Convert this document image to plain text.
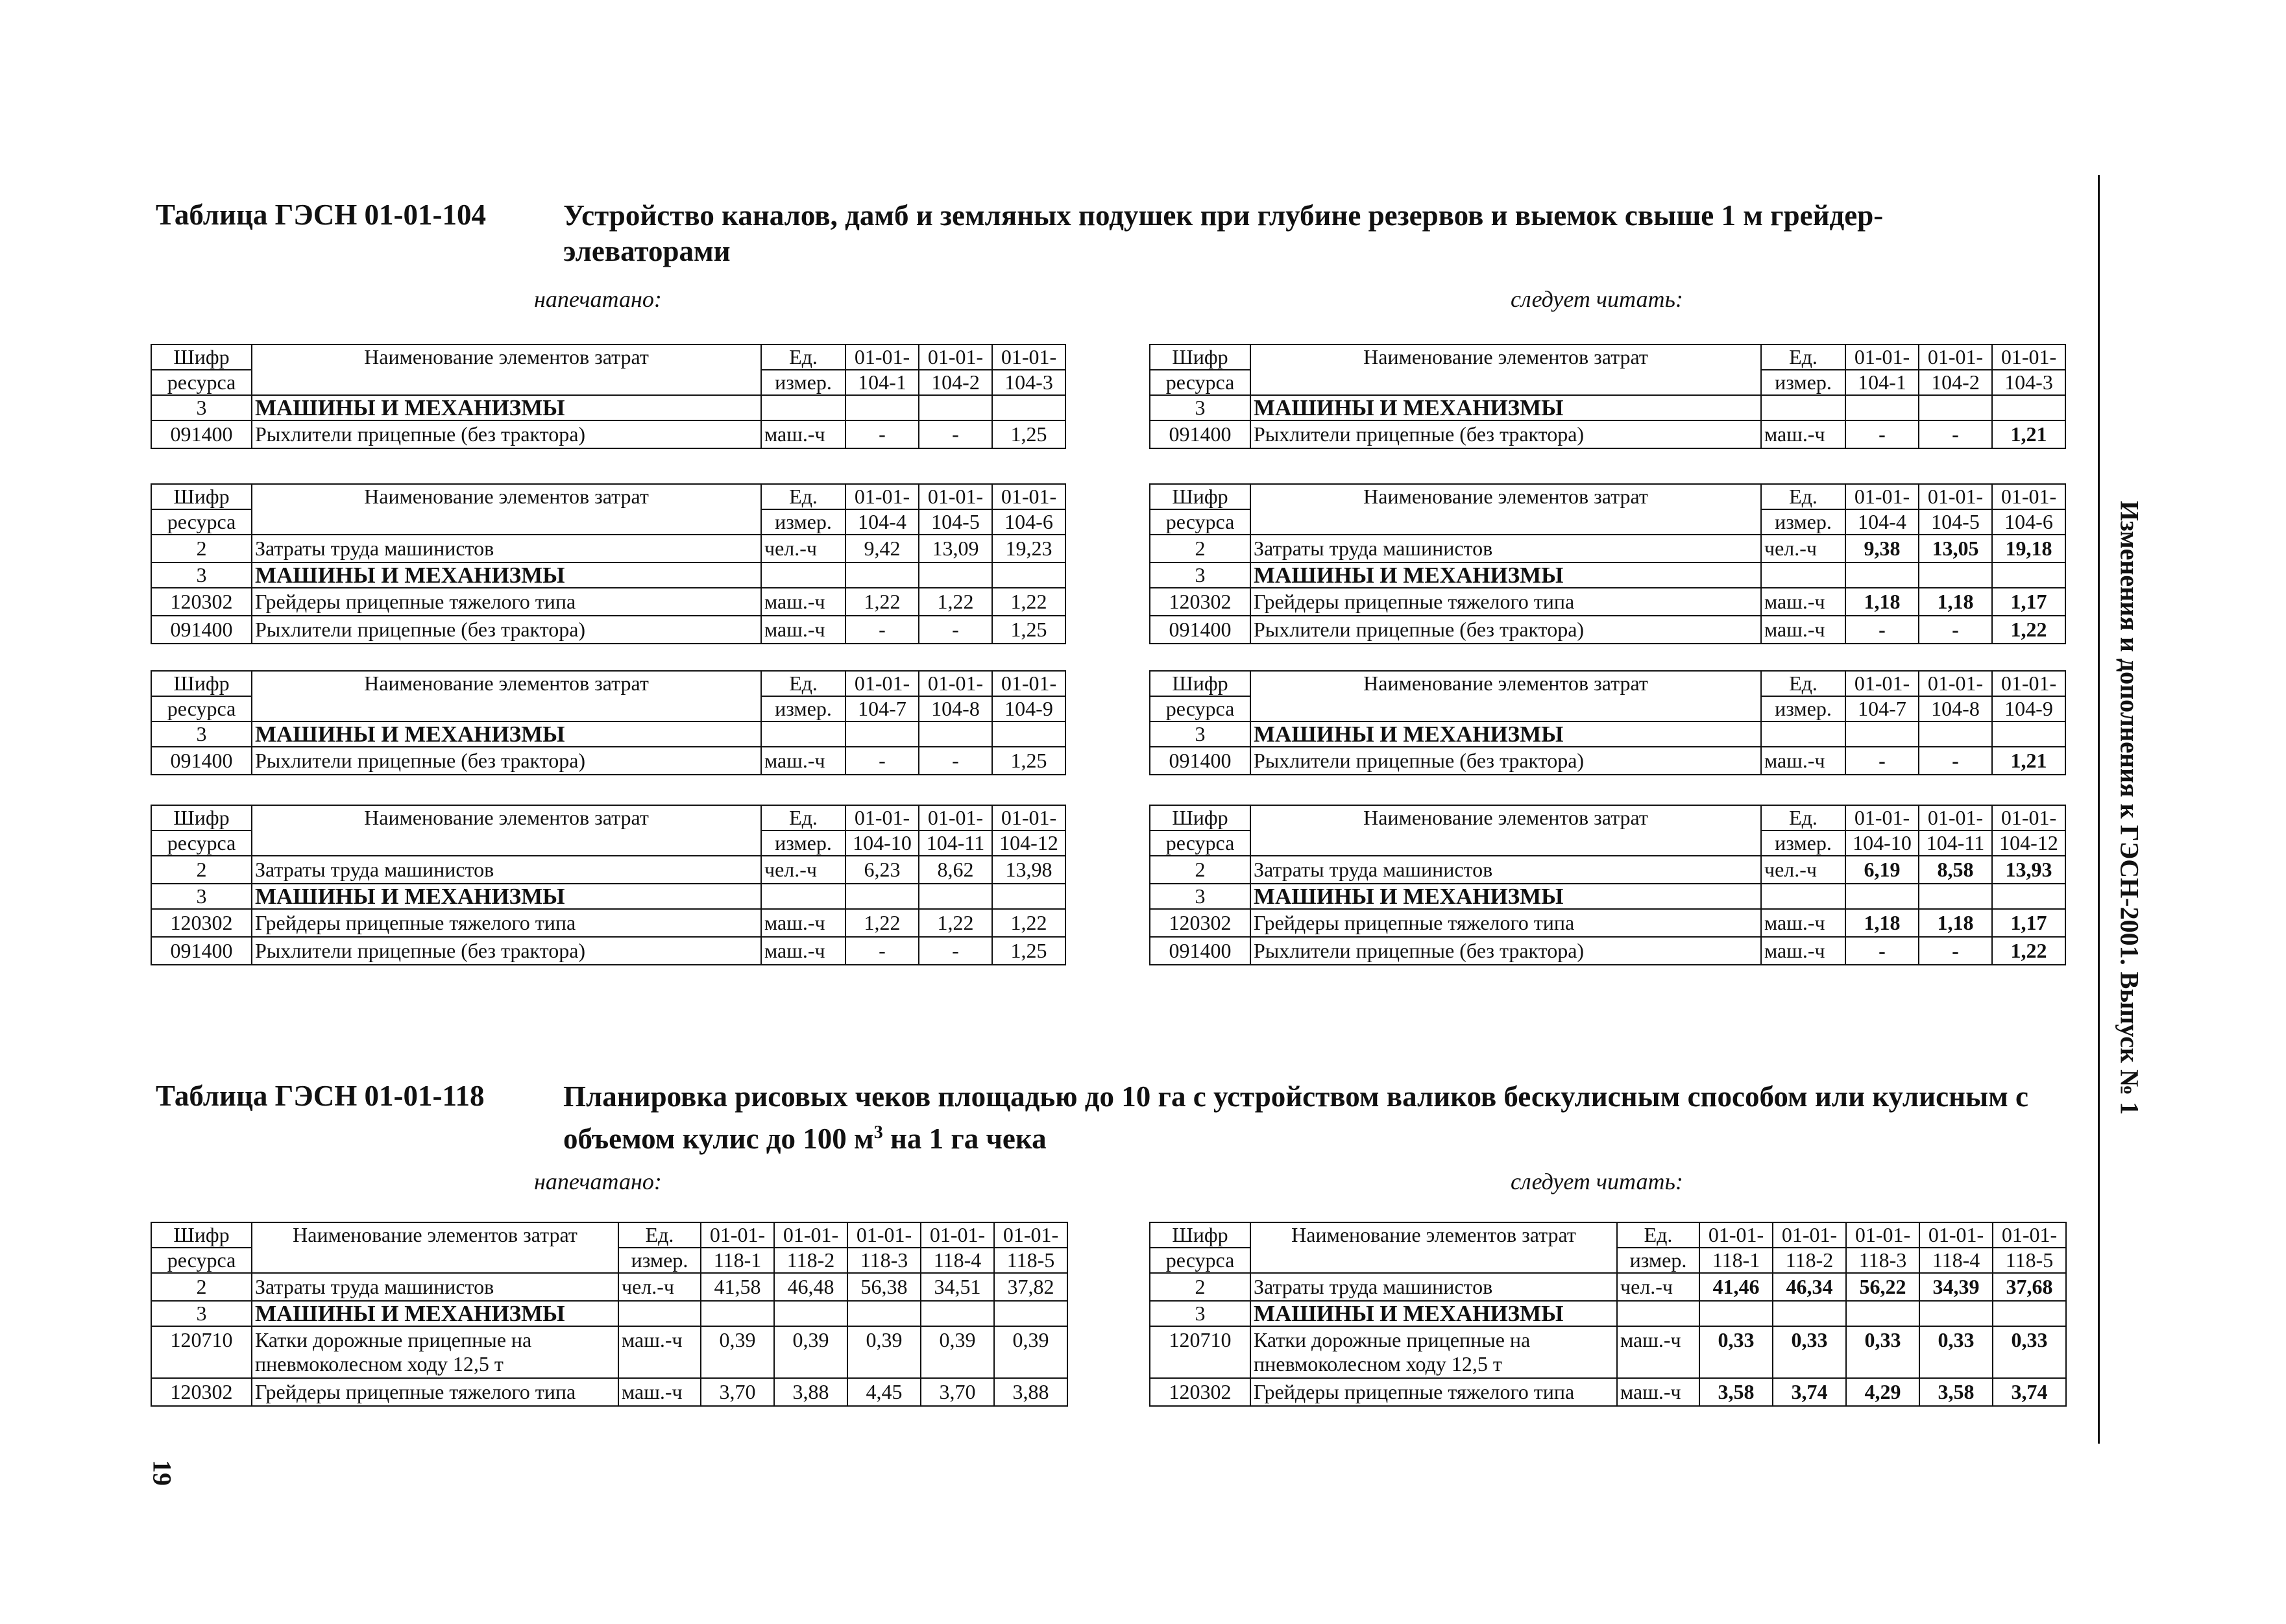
Таблица ГЭСН 01-01-104	Устройство каналов, дамб и земляных подушек при глубине резервов и выемок свыше 1 м грейдер-элеваторами
напечатано:	следует читать:
Таблица ГЭСН 01-01-118	Планировка рисовых чеков площадью до 10 га с устройством валиков бескулисным способом или кулисным с объемом кулис до 100 $м^3$ на 1 га чека
напечатано:	следует читать:
Изменения и дополнения к ГЭСН-2001. Выпуск № 1
19
Шифр	Наименование элементов затрат	Ед.	01-01-	01-01-	01-01-
ресурса		измер.	104-1	104-2	104-3
3	МАШИНЫ И МЕХАНИЗМЫ				
091400	Рыхлители прицепные (без трактора)	маш.-ч	-	-	1,25
Шифр	Наименование элементов затрат	Ед.	01-01-	01-01-	01-01-
ресурса		измер.	104-1	104-2	104-3
3	МАШИНЫ И МЕХАНИЗМЫ				
091400	Рыхлители прицепные (без трактора)	маш.-ч	-	-	1,21
Шифр	Наименование элементов затрат	Ед.	01-01-	01-01-	01-01-
ресурса		измер.	104-4	104-5	104-6
2	Затраты труда машинистов	чел.-ч	9,42	13,09	19,23
3	МАШИНЫ И МЕХАНИЗМЫ				
120302	Грейдеры прицепные тяжелого типа	маш.-ч	1,22	1,22	1,22
091400	Рыхлители прицепные (без трактора)	маш.-ч	-	-	1,25
Шифр	Наименование элементов затрат	Ед.	01-01-	01-01-	01-01-
ресурса		измер.	104-4	104-5	104-6
2	Затраты труда машинистов	чел.-ч	9,38	13,05	19,18
3	МАШИНЫ И МЕХАНИЗМЫ				
120302	Грейдеры прицепные тяжелого типа	маш.-ч	1,18	1,18	1,17
091400	Рыхлители прицепные (без трактора)	маш.-ч	-	-	1,22
Шифр	Наименование элементов затрат	Ед.	01-01-	01-01-	01-01-
ресурса		измер.	104-7	104-8	104-9
3	МАШИНЫ И МЕХАНИЗМЫ				
091400	Рыхлители прицепные (без трактора)	маш.-ч	-	-	1,25
Шифр	Наименование элементов затрат	Ед.	01-01-	01-01-	01-01-
ресурса		измер.	104-7	104-8	104-9
3	МАШИНЫ И МЕХАНИЗМЫ				
091400	Рыхлители прицепные (без трактора)	маш.-ч	-	-	1,21
Шифр	Наименование элементов затрат	Ед.	01-01-	01-01-	01-01-
ресурса		измер.	104-10	104-11	104-12
2	Затраты труда машинистов	чел.-ч	6,23	8,62	13,98
3	МАШИНЫ И МЕХАНИЗМЫ				
120302	Грейдеры прицепные тяжелого типа	маш.-ч	1,22	1,22	1,22
091400	Рыхлители прицепные (без трактора)	маш.-ч	-	-	1,25
Шифр	Наименование элементов затрат	Ед.	01-01-	01-01-	01-01-
ресурса		измер.	104-10	104-11	104-12
2	Затраты труда машинистов	чел.-ч	6,19	8,58	13,93
3	МАШИНЫ И МЕХАНИЗМЫ				
120302	Грейдеры прицепные тяжелого типа	маш.-ч	1,18	1,18	1,17
091400	Рыхлители прицепные (без трактора)	маш.-ч	-	-	1,22
Шифр	Наименование элементов затрат	Ед.	01-01-	01-01-	01-01-	01-01-	01-01-
ресурса		измер.	118-1	118-2	118-3	118-4	118-5
2	Затраты труда машинистов	чел.-ч	41,58	46,48	56,38	34,51	37,82
3	МАШИНЫ И МЕХАНИЗМЫ						
120710	Катки дорожные прицепные на пневмоколесном ходу 12,5 т	маш.-ч	0,39	0,39	0,39	0,39	0,39
120302	Грейдеры прицепные тяжелого типа	маш.-ч	3,70	3,88	4,45	3,70	3,88
Шифр	Наименование элементов затрат	Ед.	01-01-	01-01-	01-01-	01-01-	01-01-
ресурса		измер.	118-1	118-2	118-3	118-4	118-5
2	Затраты труда машинистов	чел.-ч	41,46	46,34	56,22	34,39	37,68
3	МАШИНЫ И МЕХАНИЗМЫ						
120710	Катки дорожные прицепные на пневмоколесном ходу 12,5 т	маш.-ч	0,33	0,33	0,33	0,33	0,33
120302	Грейдеры прицепные тяжелого типа	маш.-ч	3,58	3,74	4,29	3,58	3,74
